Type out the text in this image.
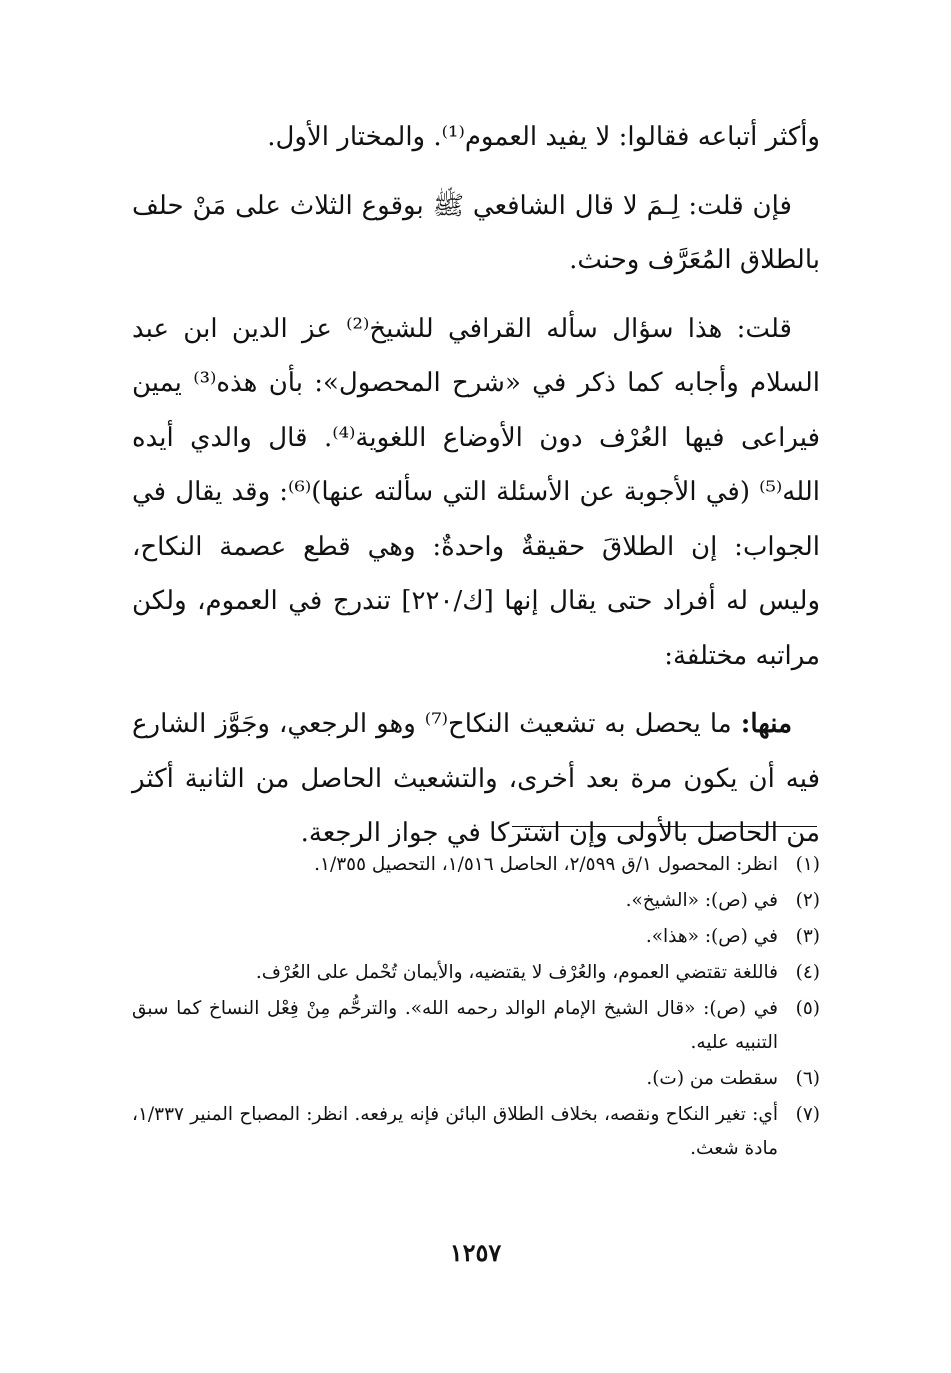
وأكثر أتباعه فقالوا: لا يفيد العموم⁽¹⁾. والمختار الأول.

فإن قلت: لِـمَ لا قال الشافعي ﷺ بوقوع الثلاث على مَنْ حلف بالطلاق المُعَرَّف وحنث.

قلت: هذا سؤال سأله القرافي للشيخ⁽²⁾ عز الدين ابن عبد السلام وأجابه كما ذكر في «شرح المحصول»: بأن هذه⁽³⁾ يمين فيراعى فيها العُرْف دون الأوضاع اللغوية⁽⁴⁾. قال والدي أيده الله⁽⁵⁾ (في الأجوبة عن الأسئلة التي سألته عنها)⁽⁶⁾: وقد يقال في الجواب: إن الطلاقَ حقيقةٌ واحدةٌ: وهي قطع عصمة النكاح، وليس له أفراد حتى يقال إنها [ك/٢٢٠] تندرج في العموم، ولكن مراتبه مختلفة:

منها: ما يحصل به تشعيث النكاح⁽⁷⁾ وهو الرجعي، وجَوَّز الشارع فيه أن يكون مرة بعد أخرى، والتشعيث الحاصل من الثانية أكثر من الحاصل بالأولى وإن اشتركا في جواز الرجعة.

(١)
انظر: المحصول ١/ق ٢/٥٩٩، الحاصل ١/٥١٦، التحصيل ١/٣٥٥.
(٢)
في (ص): «الشيخ».
(٣)
في (ص): «هذا».
(٤)
فاللغة تقتضي العموم، والعُرْف لا يقتضيه، والأيمان تُحْمل على العُرْف.
(٥)
في (ص): «قال الشيخ الإمام الوالد رحمه الله». والترحُّم مِنْ فِعْل النساخ كما سبق التنبيه عليه.
(٦)
سقطت من (ت).
(٧)
أي: تغير النكاح ونقصه، بخلاف الطلاق البائن فإنه يرفعه. انظر: المصباح المنير ١/٣٣٧، مادة شعث.
١٢٥٧
